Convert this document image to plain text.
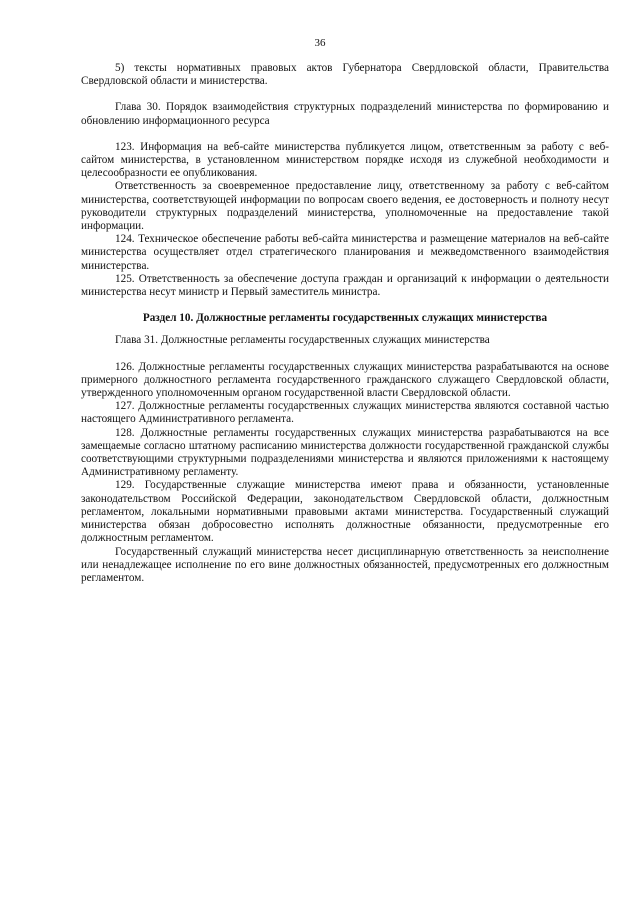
36

5) тексты нормативных правовых актов Губернатора Свердловской области, Правительства Свердловской области и министерства.

Глава 30. Порядок взаимодействия структурных подразделений министерства по формированию и обновлению информационного ресурса

123. Информация на веб-сайте министерства публикуется лицом, ответственным за работу с веб-сайтом министерства, в установленном министерством порядке исходя из служебной необходимости и целесообразности ее опубликования.

Ответственность за своевременное предоставление лицу, ответственному за работу с веб-сайтом министерства, соответствующей информации по вопросам своего ведения, ее достоверность и полноту несут руководители структурных подразделений министерства, уполномоченные на предоставление такой информации.

124. Техническое обеспечение работы веб-сайта министерства и размещение материалов на веб-сайте министерства осуществляет отдел стратегического планирования и межведомственного взаимодействия министерства.

125. Ответственность за обеспечение доступа граждан и организаций к информации о деятельности министерства несут министр и Первый заместитель министра.

Раздел 10. Должностные регламенты государственных служащих министерства

Глава 31. Должностные регламенты государственных служащих министерства

126. Должностные регламенты государственных служащих министерства разрабатываются на основе примерного должностного регламента государственного гражданского служащего Свердловской области, утвержденного уполномоченным органом государственной власти Свердловской области.

127. Должностные регламенты государственных служащих министерства являются составной частью настоящего Административного регламента.

128. Должностные регламенты государственных служащих министерства разрабатываются на все замещаемые согласно штатному расписанию министерства должности государственной гражданской службы соответствующими структурными подразделениями министерства и являются приложениями к настоящему Административному регламенту.

129. Государственные служащие министерства имеют права и обязанности, установленные законодательством Российской Федерации, законодательством Свердловской области, должностным регламентом, локальными нормативными правовыми актами министерства. Государственный служащий министерства обязан добросовестно исполнять должностные обязанности, предусмотренные его должностным регламентом.

Государственный служащий министерства несет дисциплинарную ответственность за неисполнение или ненадлежащее исполнение по его вине должностных обязанностей, предусмотренных его должностным регламентом.
